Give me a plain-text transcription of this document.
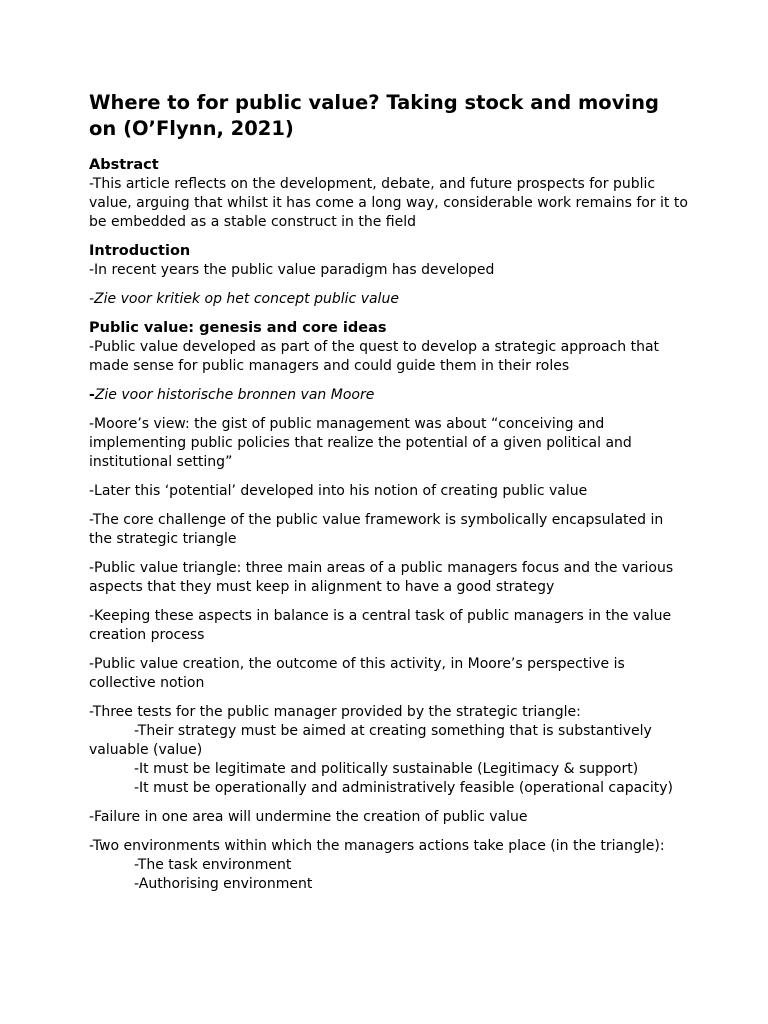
Where to for public value? Taking stock and moving on (O’Flynn, 2021)
Abstract

-This article reflects on the development, debate, and future prospects for public value, arguing that whilst it has come a long way, considerable work remains for it to be embedded as a stable construct in the field

Introduction

-In recent years the public value paradigm has developed

-Zie voor kritiek op het concept public value

Public value: genesis and core ideas

-Public value developed as part of the quest to develop a strategic approach that made sense for public managers and could guide them in their roles

-Zie voor historische bronnen van Moore

-Moore’s view: the gist of public management was about “conceiving and implementing public policies that realize the potential of a given political and institutional setting”

-Later this ‘potential’ developed into his notion of creating public value

-The core challenge of the public value framework is symbolically encapsulated in the strategic triangle

-Public value triangle: three main areas of a public managers focus and the various aspects that they must keep in alignment to have a good strategy

-Keeping these aspects in balance is a central task of public managers in the value creation process

-Public value creation, the outcome of this activity, in Moore’s perspective is collective notion

-Three tests for the public manager provided by the strategic triangle:
-Their strategy must be aimed at creating something that is substantively
valuable (value)
-It must be legitimate and politically sustainable (Legitimacy & support)
-It must be operationally and administratively feasible (operational capacity)

-Failure in one area will undermine the creation of public value

-Two environments within which the managers actions take place (in the triangle):
-The task environment
-Authorising environment
